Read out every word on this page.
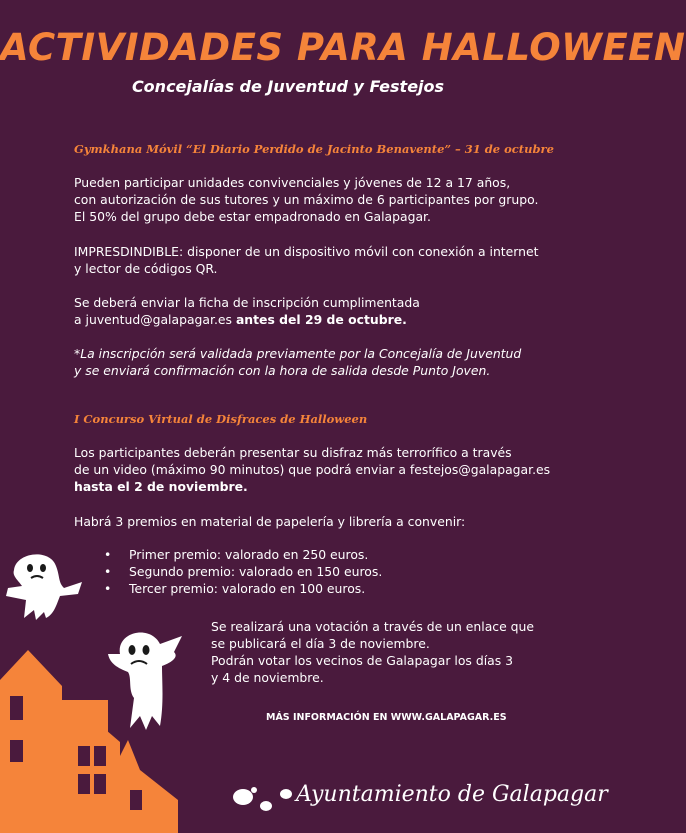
ACTIVIDADES PARA HALLOWEEN
Concejalías de Juventud y Festejos
Gymkhana Móvil “El Diario Perdido de Jacinto Benavente” – 31 de octubre
Pueden participar unidades convivenciales y jóvenes de 12 a 17 años,
con autorización de sus tutores y un máximo de 6 participantes por grupo.
El 50% del grupo debe estar empadronado en Galapagar.
IMPRESDINDIBLE: disponer de un dispositivo móvil con conexión a internet
y lector de códigos QR.
Se deberá enviar la ficha de inscripción cumplimentada
a juventud@galapagar.es antes del 29 de octubre.
*La inscripción será validada previamente por la Concejalía de Juventud
y se enviará confirmación con la hora de salida desde Punto Joven.
I Concurso Virtual de Disfraces de Halloween
Los participantes deberán presentar su disfraz más terrorífico a través
de un video (máximo 90 minutos) que podrá enviar a festejos@galapagar.es
hasta el 2 de noviembre.
Habrá 3 premios en material de papelería y librería a convenir:
• Primer premio: valorado en 250 euros.
• Segundo premio: valorado en 150 euros.
• Tercer premio: valorado en 100 euros.
Se realizará una votación a través de un enlace que
se publicará el día 3 de noviembre.
Podrán votar los vecinos de Galapagar los días 3
y 4 de noviembre.
MÁS INFORMACIÓN EN WWW.GALAPAGAR.ES
Ayuntamiento de Galapagar
